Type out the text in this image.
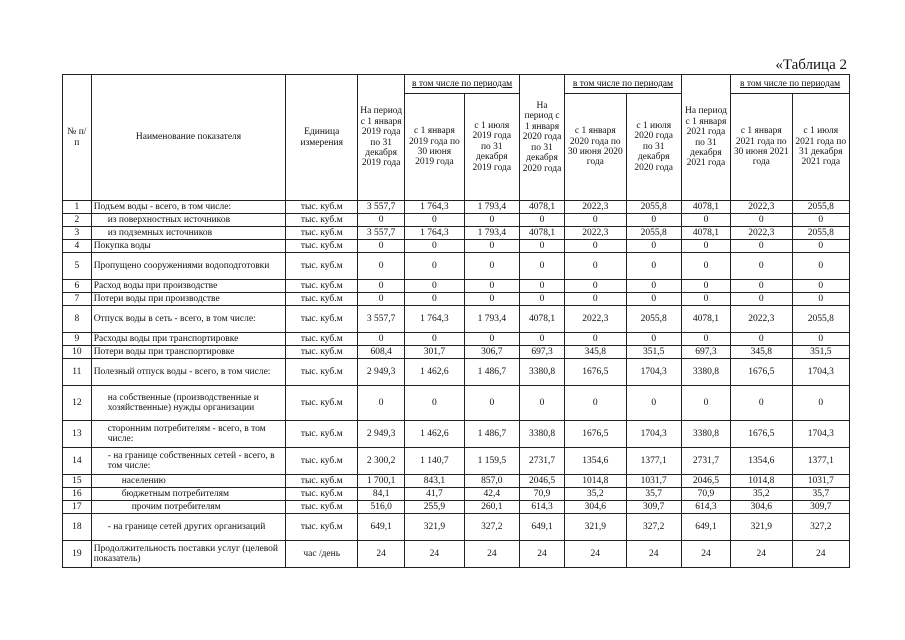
«Таблица 2
№ п/п	Наименование показателя	Единица измерения	На период с 1 января 2019 года по 31 декабря 2019 года	в том числе по периодам		На период с 1 января 2020 года по 31 декабря 2020 года	в том числе по периодам		На период с 1 января 2021 года по 31 декабря 2021 года	в том числе по периодам	
				с 1 января 2019 года по 30 июня 2019 года	с 1 июля 2019 года по 31 декабря 2019 года		с 1 января 2020 года по 30 июня 2020 года	с 1 июля 2020 года по 31 декабря 2020 года		с 1 января 2021 года по 30 июня 2021 года	с 1 июля 2021 года по 31 декабря 2021 года
1	Подъем воды - всего, в том числе:	тыс. куб.м	3 557,7	1 764,3	1 793,4	4078,1	2022,3	2055,8	4078,1	2022,3	2055,8
2	из поверхностных источников	тыс. куб.м	0	0	0	0	0	0	0	0	0
3	из подземных источников	тыс. куб.м	3 557,7	1 764,3	1 793,4	4078,1	2022,3	2055,8	4078,1	2022,3	2055,8
4	Покупка воды	тыс. куб.м	0	0	0	0	0	0	0	0	0
5	Пропущено сооружениями водоподготовки	тыс. куб.м	0	0	0	0	0	0	0	0	0
6	Расход воды при производстве	тыс. куб.м	0	0	0	0	0	0	0	0	0
7	Потери воды при производстве	тыс. куб.м	0	0	0	0	0	0	0	0	0
8	Отпуск воды в сеть - всего, в том числе:	тыс. куб.м	3 557,7	1 764,3	1 793,4	4078,1	2022,3	2055,8	4078,1	2022,3	2055,8
9	Расходы воды при транспортировке	тыс. куб.м	0	0	0	0	0	0	0	0	0
10	Потери воды при транспортировке	тыс. куб.м	608,4	301,7	306,7	697,3	345,8	351,5	697,3	345,8	351,5
11	Полезный отпуск воды - всего, в том числе:	тыс. куб.м	2 949,3	1 462,6	1 486,7	3380,8	1676,5	1704,3	3380,8	1676,5	1704,3
12	на собственные (производственные и хозяйственные) нужды организации	тыс. куб.м	0	0	0	0	0	0	0	0	0
13	сторонним потребителям - всего, в том числе:	тыс. куб.м	2 949,3	1 462,6	1 486,7	3380,8	1676,5	1704,3	3380,8	1676,5	1704,3
14	- на границе собственных сетей - всего, в том числе:	тыс. куб.м	2 300,2	1 140,7	1 159,5	2731,7	1354,6	1377,1	2731,7	1354,6	1377,1
15	населению	тыс. куб.м	1 700,1	843,1	857,0	2046,5	1014,8	1031,7	2046,5	1014,8	1031,7
16	бюджетным потребителям	тыс. куб.м	84,1	41,7	42,4	70,9	35,2	35,7	70,9	35,2	35,7
17	прочим потребителям	тыс. куб.м	516,0	255,9	260,1	614,3	304,6	309,7	614,3	304,6	309,7
18	- на границе сетей других организаций	тыс. куб.м	649,1	321,9	327,2	649,1	321,9	327,2	649,1	321,9	327,2
19	Продолжительность поставки услуг (целевой показатель)	час /день	24	24	24	24	24	24	24	24	24
